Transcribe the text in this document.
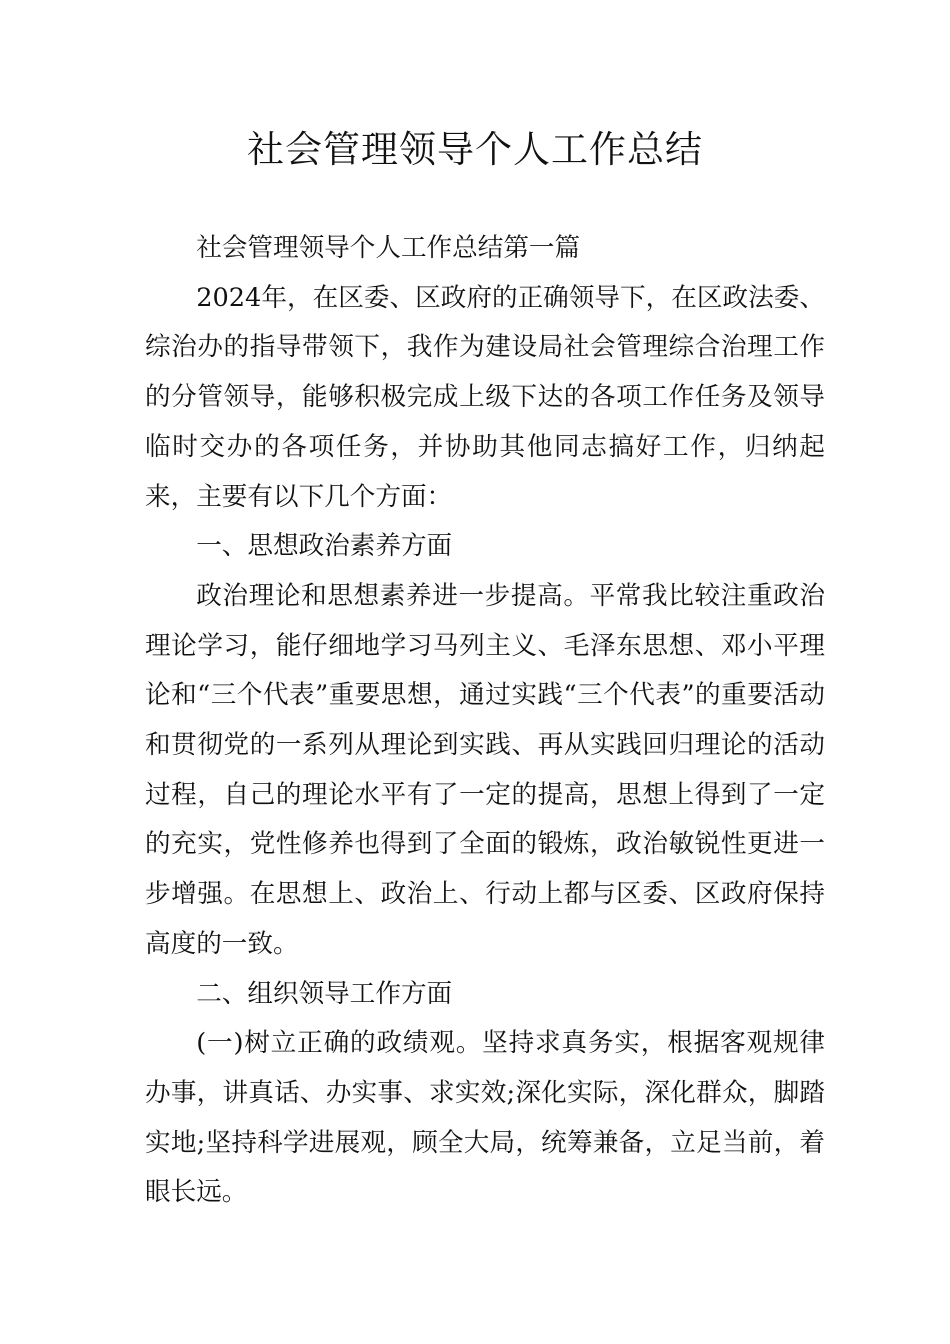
社会管理领导个人工作总结

社会管理领导个人工作总结第一篇

2024年，在区委、区政府的正确领导下，在区政法委、综治办的指导带领下，我作为建设局社会管理综合治理工作的分管领导，能够积极完成上级下达的各项工作任务及领导临时交办的各项任务，并协助其他同志搞好工作，归纳起来，主要有以下几个方面：

一、思想政治素养方面

政治理论和思想素养进一步提高。平常我比较注重政治理论学习，能仔细地学习马列主义、毛泽东思想、邓小平理论和“三个代表”重要思想，通过实践“三个代表”的重要活动和贯彻党的一系列从理论到实践、再从实践回归理论的活动过程，自己的理论水平有了一定的提高，思想上得到了一定的充实，党性修养也得到了全面的锻炼，政治敏锐性更进一步增强。在思想上、政治上、行动上都与区委、区政府保持高度的一致。

二、组织领导工作方面

(一)树立正确的政绩观。坚持求真务实，根据客观规律办事，讲真话、办实事、求实效;深化实际，深化群众，脚踏实地;坚持科学进展观，顾全大局，统筹兼备，立足当前，着眼长远。
